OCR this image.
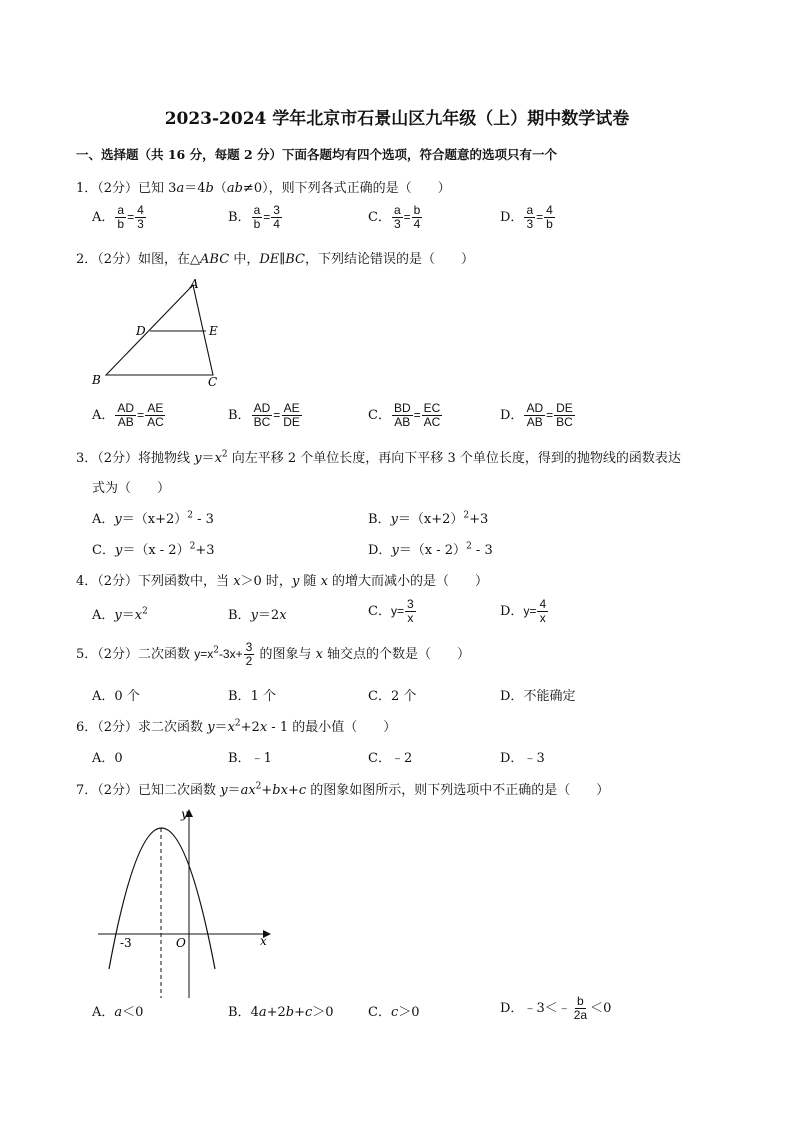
2023-2024 学年北京市石景山区九年级（上）期中数学试卷
一、选择题（共 16 分，每题 2 分）下面各题均有四个选项，符合题意的选项只有一个
1．（2分）已知 3a＝4b（ab≠0），则下列各式正确的是（　　）
A． $\frac{a}{b} = \frac{4}{3}$	B． $\frac{a}{b} = \frac{3}{4}$	C． $\frac{a}{3} = \frac{b}{4}$	D． $\frac{a}{3} = \frac{4}{b}$
2．（2分）如图，在△ABC 中，DE∥BC，下列结论错误的是（　　）
A
B	C
D	E
A． $\frac{AD}{AB} = \frac{AE}{AC}$	B． $\frac{AD}{BC} = \frac{AE}{DE}$	C． $\frac{BD}{AB} = \frac{EC}{AC}$	D． $\frac{AD}{AB} = \frac{DE}{BC}$
3．（2分）将抛物线 $y=x^2$ 向左平移 2 个单位长度，再向下平移 3 个单位长度，得到的抛物线的函数表达
式为（　　）
A．$y=(x+2)^2 - 3$	B．$y=(x+2)^2+3$
C．y＝（x - 2）$^2$+3	D．y＝（x - 2）$^2$ - 3
4．（2分）下列函数中，当 x＞0 时，y 随 x 的增大而减小的是（　　）
A．$y=x^2$	B．y＝2x	C．$y= \frac{3}{x}$	D．$y= \frac{4}{x}$
5．（2分）二次函数 $y=x^2-3x+ \frac{3}{2}$ 的图象与 x 轴交点的个数是（　　）
A．0 个	B．1 个	C．2 个	D．不能确定
6．（2分）求二次函数 $y=x^2+2x - 1$ 的最小值（　　）
A．0	B．﹣1	C．﹣2	D．﹣3
7．（2分）已知二次函数 $y=ax^2+bx+c$ 的图象如图所示，则下列选项中不正确的是（　　）
y
x
O
-3
A．a＜0	B．4a+2b+c＞0	C．c＞0	D．﹣3＜﹣ $\frac{b}{2a} <0$
